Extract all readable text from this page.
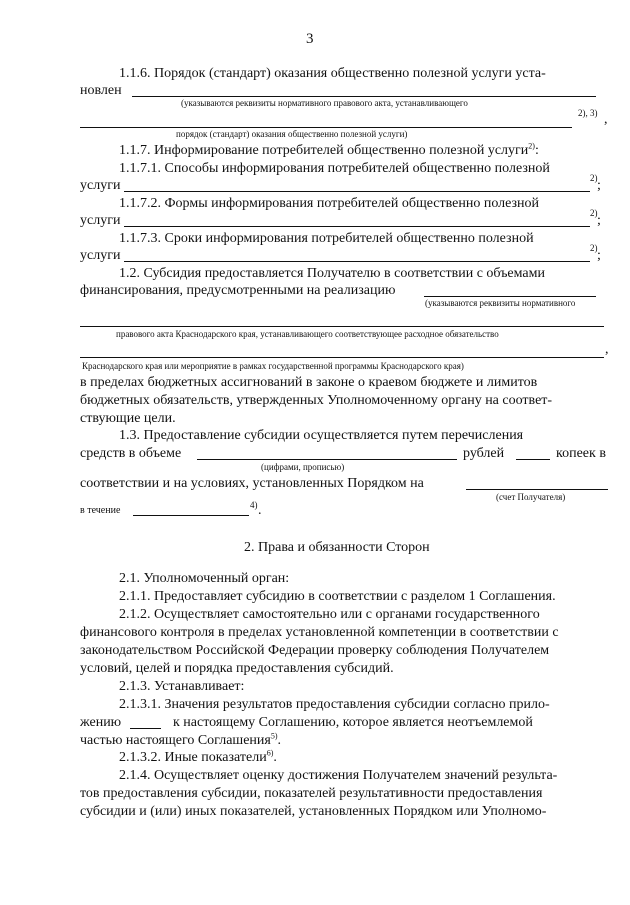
3
1.1.6. Порядок (стандарт) оказания общественно полезной услуги уста-
новлен
(указываются реквизиты нормативного правового акта, устанавливающего
2), 3) ,
порядок (стандарт) оказания общественно полезной услуги)
1.1.7. Информирование потребителей общественно полезной услуги$^{2)}$:
1.1.7.1. Способы информирования потребителей общественно полезной
услуги	2) ;
1.1.7.2. Формы информирования потребителей общественно полезной
услуги	2) ;
1.1.7.3. Сроки информирования потребителей общественно полезной
услуги	2) ;
1.2. Субсидия предоставляется Получателю в соответствии с объемами
финансирования, предусмотренными на реализацию
(указываются реквизиты нормативного
правового акта Краснодарского края, устанавливающего соответствующее расходное обязательство
,
Краснодарского края или мероприятие в рамках государственной программы Краснодарского края)
в пределах бюджетных ассигнований в законе о краевом бюджете и лимитов
бюджетных обязательств, утвержденных Уполномоченному органу на соответ-
ствующие цели.
1.3. Предоставление субсидии осуществляется путем перечисления
средств в объеме	рублей	копеек в
(цифрами, прописью)
соответствии и на условиях, установленных Порядком на
(счет Получателя)
в течение	4) .
2. Права и обязанности Сторон
2.1. Уполномоченный орган:
2.1.1. Предоставляет субсидию в соответствии с разделом 1 Соглашения.
2.1.2. Осуществляет самостоятельно или с органами государственного
финансового контроля в пределах установленной компетенции в соответствии с
законодательством Российской Федерации проверку соблюдения Получателем
условий, целей и порядка предоставления субсидий.
2.1.3. Устанавливает:
2.1.3.1. Значения результатов предоставления субсидии согласно прило-
жению	к настоящему Соглашению, которое является неотъемлемой
частью настоящего Соглашения$^{5)}$.
2.1.3.2. Иные показатели$^{6)}$.
2.1.4. Осуществляет оценку достижения Получателем значений результа-
тов предоставления субсидии, показателей результативности предоставления
субсидии и (или) иных показателей, установленных Порядком или Уполномо-
